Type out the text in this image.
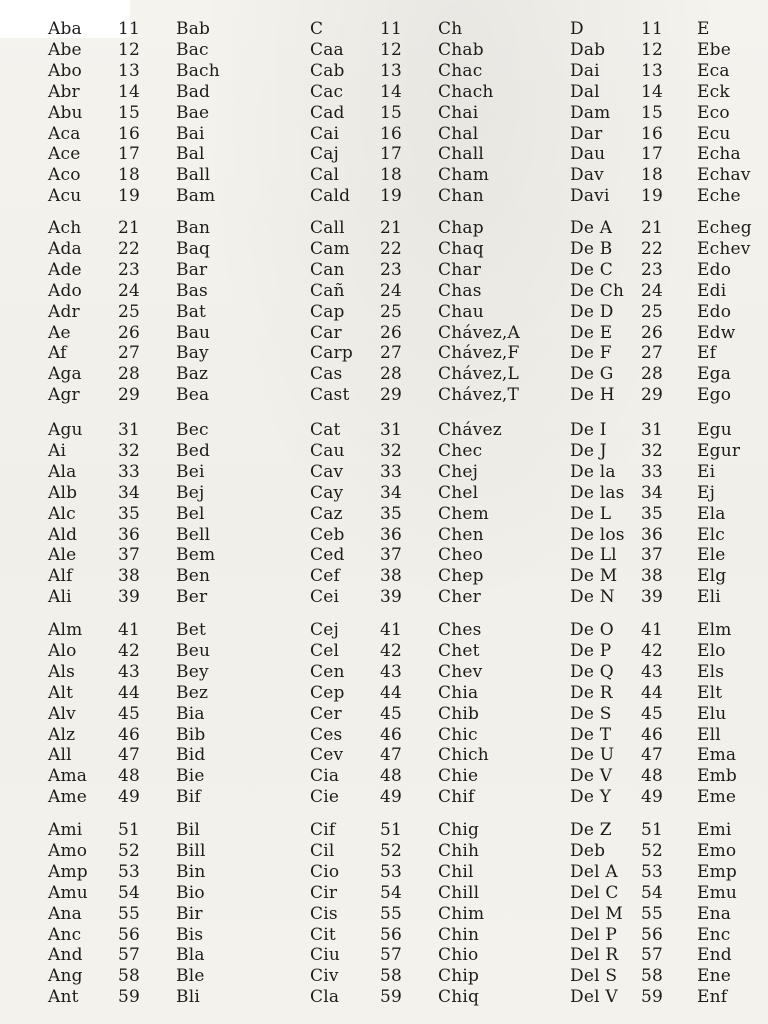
Aba 11 Bab	C	11 Ch	D	11 E
Abe 12 Bac	Caa 12 Chab	Dab 12 Ebe
Abo 13 Bach	Cab 13 Chac	Dai 13 Eca
Abr 14 Bad	Cac 14 Chach	Dal 14 Eck
Abu 15 Bae	Cad 15 Chai	Dam 15 Eco
Aca 16 Bai	Cai 16 Chal	Dar 16 Ecu
Ace 17 Bal	Caj 17 Chall	Dau 17 Echa
Aco 18 Ball	Cal 18 Cham	Dav 18 Echav
Acu 19 Bam	Cald 19 Chan	Davi 19 Eche
Ach 21 Ban	Call 21 Chap	De A 21 Echeg
Ada 22 Baq	Cam 22 Chaq	De B 22 Echev
Ade 23 Bar	Can 23 Char	De C 23 Edo
Ado 24 Bas	Cañ 24 Chas	De Ch 24 Edi
Adr 25 Bat	Cap 25 Chau	De D 25 Edo
Ae	26 Bau	Car 26 Chávez,A	De E 26 Edw
Af	27 Bay	Carp 27 Chávez,F	De F 27 Ef
Aga 28 Baz	Cas 28 Chávez,L	De G 28 Ega
Agr 29 Bea	Cast 29 Chávez,T	De H 29 Ego
Agu 31 Bec	Cat 31 Chávez	De I 31 Egu
Ai	32 Bed	Cau 32 Chec	De J 32 Egur
Ala 33 Bei	Cav 33 Chej	De la 33 Ei
Alb 34 Bej	Cay 34 Chel	De las 34 Ej
Alc 35 Bel	Caz 35 Chem	De L 35 Ela
Ald 36 Bell	Ceb 36 Chen	De los 36 Elc
Ale 37 Bem	Ced 37 Cheo	De Ll 37 Ele
Alf	38 Ben	Cef 38 Chep	De M 38 Elg
Ali	39 Ber	Cei 39 Cher	De N 39 Eli
Alm 41 Bet	Cej 41 Ches	De O 41 Elm
Alo 42 Beu	Cel 42 Chet	De P 42 Elo
Als	43 Bey	Cen 43 Chev	De Q 43 Els
Alt	44 Bez	Cep 44 Chia	De R 44 Elt
Alv 45 Bia	Cer 45 Chib	De S 45 Elu
Alz	46 Bib	Ces 46 Chic	De T 46 Ell
All	47 Bid	Cev 47 Chich	De U 47 Ema
Ama 48 Bie	Cia 48 Chie	De V 48 Emb
Ame 49 Bif	Cie 49 Chif	De Y 49 Eme
Ami 51 Bil	Cif	51 Chig	De Z 51 Emi
Amo 52 Bill	Cil	52 Chih	Deb 52 Emo
Amp 53 Bin	Cio 53 Chil	Del A 53 Emp
Amu 54 Bio	Cir	54 Chill	Del C 54 Emu
Ana 55 Bir	Cis 55 Chim	Del M 55 Ena
Anc 56 Bis	Cit	56 Chin	Del P 56 Enc
And 57 Bla	Ciu 57 Chio	Del R 57 End
Ang 58 Ble	Civ 58 Chip	Del S 58 Ene
Ant 59 Bli	Cla 59 Chiq	Del V 59 Enf
